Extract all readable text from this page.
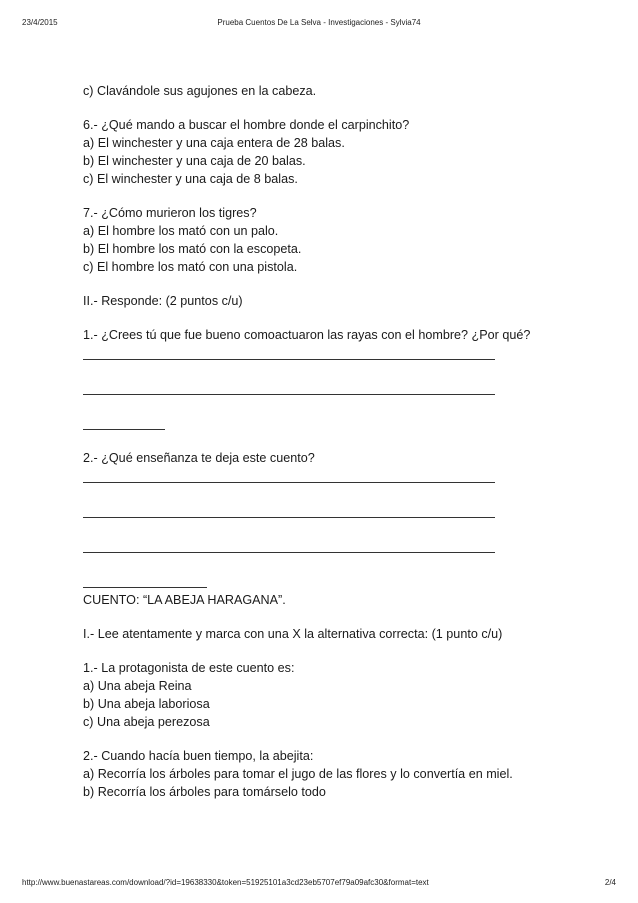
23/4/2015	Prueba Cuentos De La Selva - Investigaciones - Sylvia74
c) Clavándole sus agujones en la cabeza.
6.- ¿Qué mando a buscar el hombre donde el carpinchito?
a) El winchester y una caja entera de 28 balas.
b) El winchester y una caja de 20 balas.
c) El winchester y una caja de 8 balas.
7.- ¿Cómo murieron los tigres?
a) El hombre los mató con un palo.
b) El hombre los mató con la escopeta.
c) El hombre los mató con una pistola.
II.- Responde: (2 puntos c/u)
1.- ¿Crees tú que fue bueno comoactuaron las rayas con el hombre? ¿Por qué?
2.- ¿Qué enseñanza te deja este cuento?
CUENTO: “LA ABEJA HARAGANA”.
I.- Lee atentamente y marca con una X la alternativa correcta: (1 punto c/u)
1.- La protagonista de este cuento es:
a) Una abeja Reina
b) Una abeja laboriosa
c) Una abeja perezosa
2.- Cuando hacía buen tiempo, la abejita:
a) Recorría los árboles para tomar el jugo de las flores y lo convertía en miel.
b) Recorría los árboles para tomárselo todo
http://www.buenastareas.com/download/?id=19638330&token=51925101a3cd23eb5707ef79a09afc30&format=text	2/4
